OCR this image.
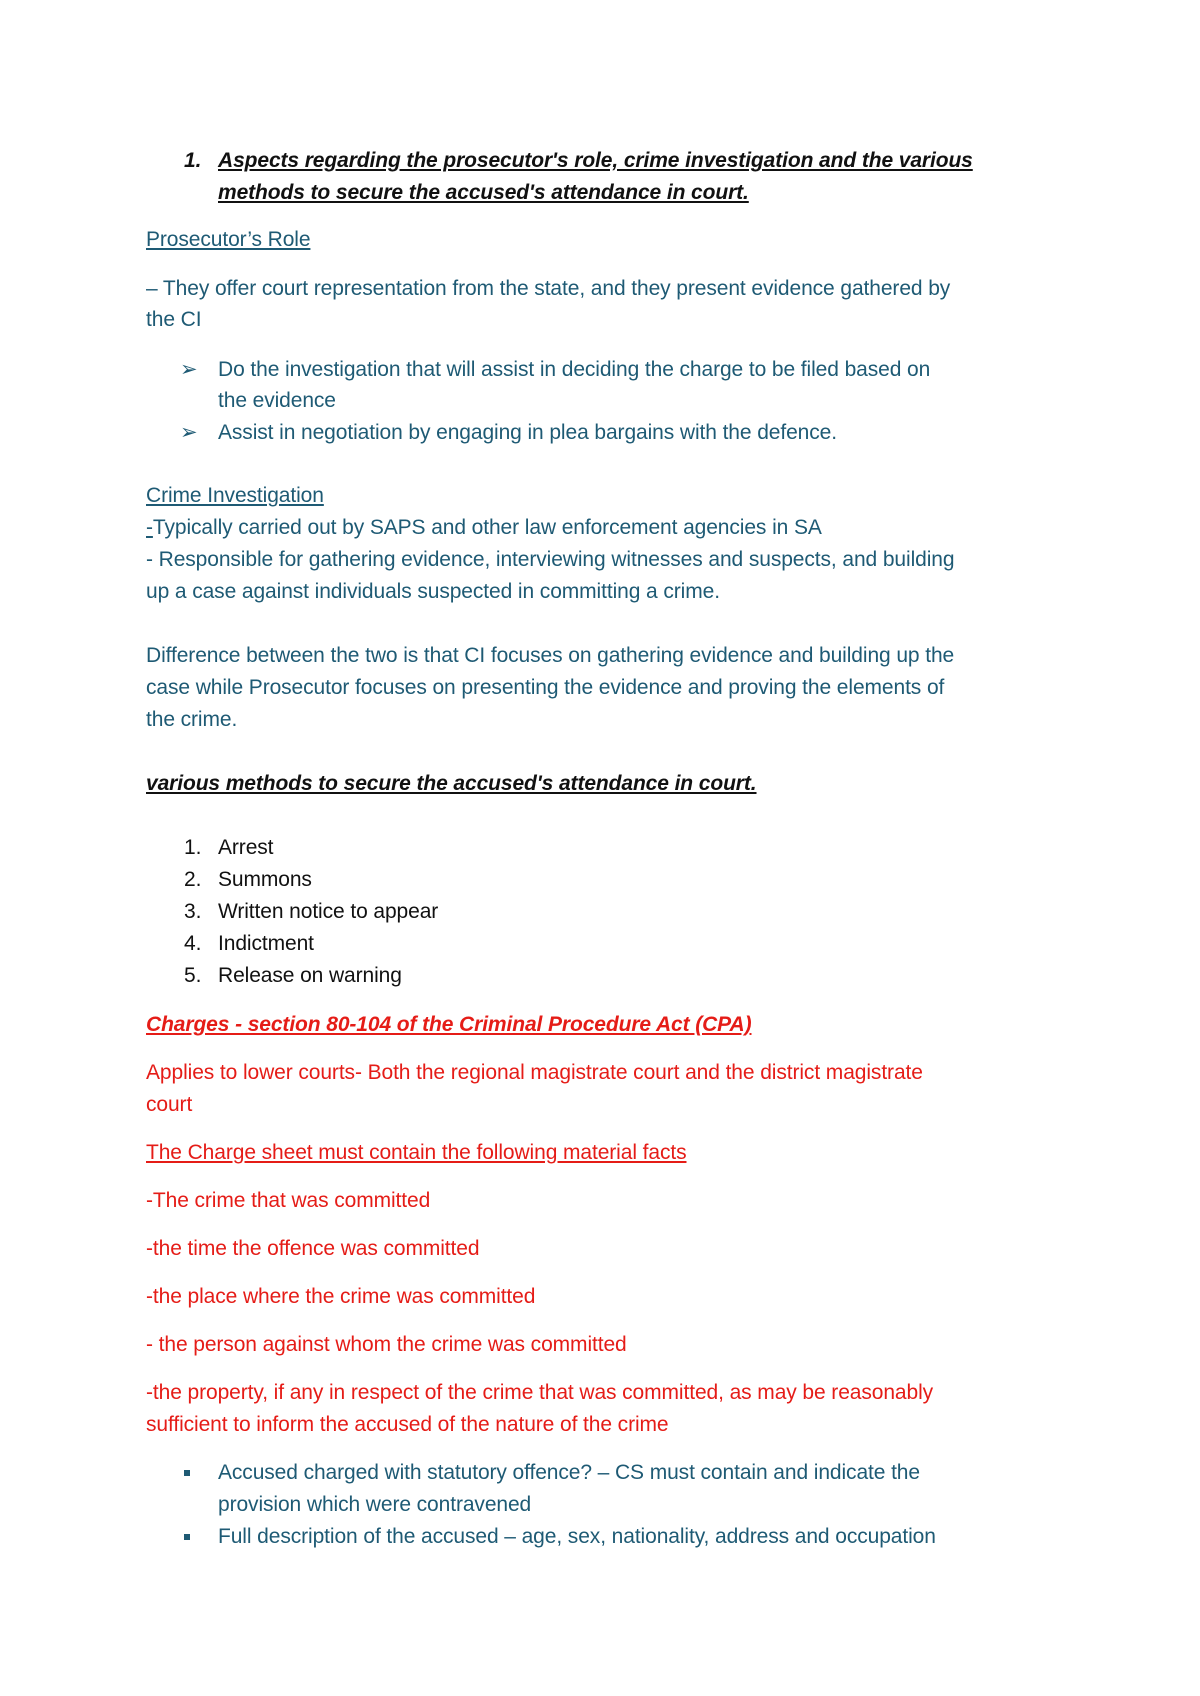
1. Aspects regarding the prosecutor's role, crime investigation and the various
methods to secure the accused's attendance in court.
Prosecutor’s Role
– They offer court representation from the state, and they present evidence gathered by
the CI
➢ Do the investigation that will assist in deciding the charge to be filed based on
the evidence
➢ Assist in negotiation by engaging in plea bargains with the defence.
Crime Investigation
-Typically carried out by SAPS and other law enforcement agencies in SA
- Responsible for gathering evidence, interviewing witnesses and suspects, and building
up a case against individuals suspected in committing a crime.
Difference between the two is that CI focuses on gathering evidence and building up the
case while Prosecutor focuses on presenting the evidence and proving the elements of
the crime.
various methods to secure the accused's attendance in court.
1. Arrest
2. Summons
3. Written notice to appear
4. Indictment
5. Release on warning
Charges - section 80-104 of the Criminal Procedure Act (CPA)
Applies to lower courts- Both the regional magistrate court and the district magistrate
court
The Charge sheet must contain the following material facts
-The crime that was committed
-the time the offence was committed
-the place where the crime was committed
- the person against whom the crime was committed
-the property, if any in respect of the crime that was committed, as may be reasonably
sufficient to inform the accused of the nature of the crime
Accused charged with statutory offence? – CS must contain and indicate the
provision which were contravened
Full description of the accused – age, sex, nationality, address and occupation
